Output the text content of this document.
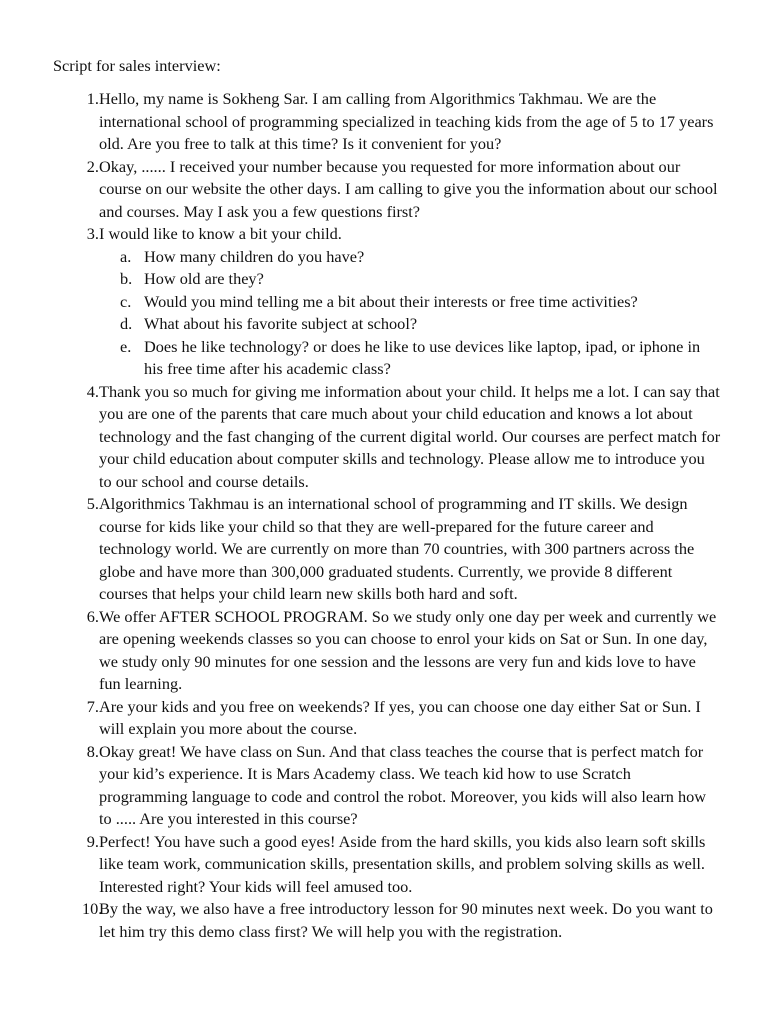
Script for sales interview:

1. Hello, my name is Sokheng Sar. I am calling from Algorithmics Takhmau. We are the international school of programming specialized in teaching kids from the age of 5 to 17 years old. Are you free to talk at this time? Is it convenient for you?
2. Okay, ...... I received your number because you requested for more information about our course on our website the other days. I am calling to give you the information about our school and courses. May I ask you a few questions first?
3. I would like to know a bit your child.
a. How many children do you have?
b. How old are they?
c. Would you mind telling me a bit about their interests or free time activities?
d. What about his favorite subject at school?
e. Does he like technology? or does he like to use devices like laptop, ipad, or iphone in his free time after his academic class?
4. Thank you so much for giving me information about your child. It helps me a lot. I can say that you are one of the parents that care much about your child education and knows a lot about technology and the fast changing of the current digital world. Our courses are perfect match for your child education about computer skills and technology. Please allow me to introduce you to our school and course details.
5. Algorithmics Takhmau is an international school of programming and IT skills. We design course for kids like your child so that they are well-prepared for the future career and technology world. We are currently on more than 70 countries, with 300 partners across the globe and have more than 300,000 graduated students. Currently, we provide 8 different courses that helps your child learn new skills both hard and soft.
6. We offer AFTER SCHOOL PROGRAM. So we study only one day per week and currently we are opening weekends classes so you can choose to enrol your kids on Sat or Sun. In one day, we study only 90 minutes for one session and the lessons are very fun and kids love to have fun learning.
7. Are your kids and you free on weekends? If yes, you can choose one day either Sat or Sun. I will explain you more about the course.
8. Okay great! We have class on Sun. And that class teaches the course that is perfect match for your kid’s experience. It is Mars Academy class. We teach kid how to use Scratch programming language to code and control the robot. Moreover, you kids will also learn how to ..... Are you interested in this course?
9. Perfect! You have such a good eyes! Aside from the hard skills, you kids also learn soft skills like team work, communication skills, presentation skills, and problem solving skills as well. Interested right? Your kids will feel amused too.
10.
By the way, we also have a free introductory lesson for 90 minutes next week. Do you want to let him try this demo class first? We will help you with the registration.
